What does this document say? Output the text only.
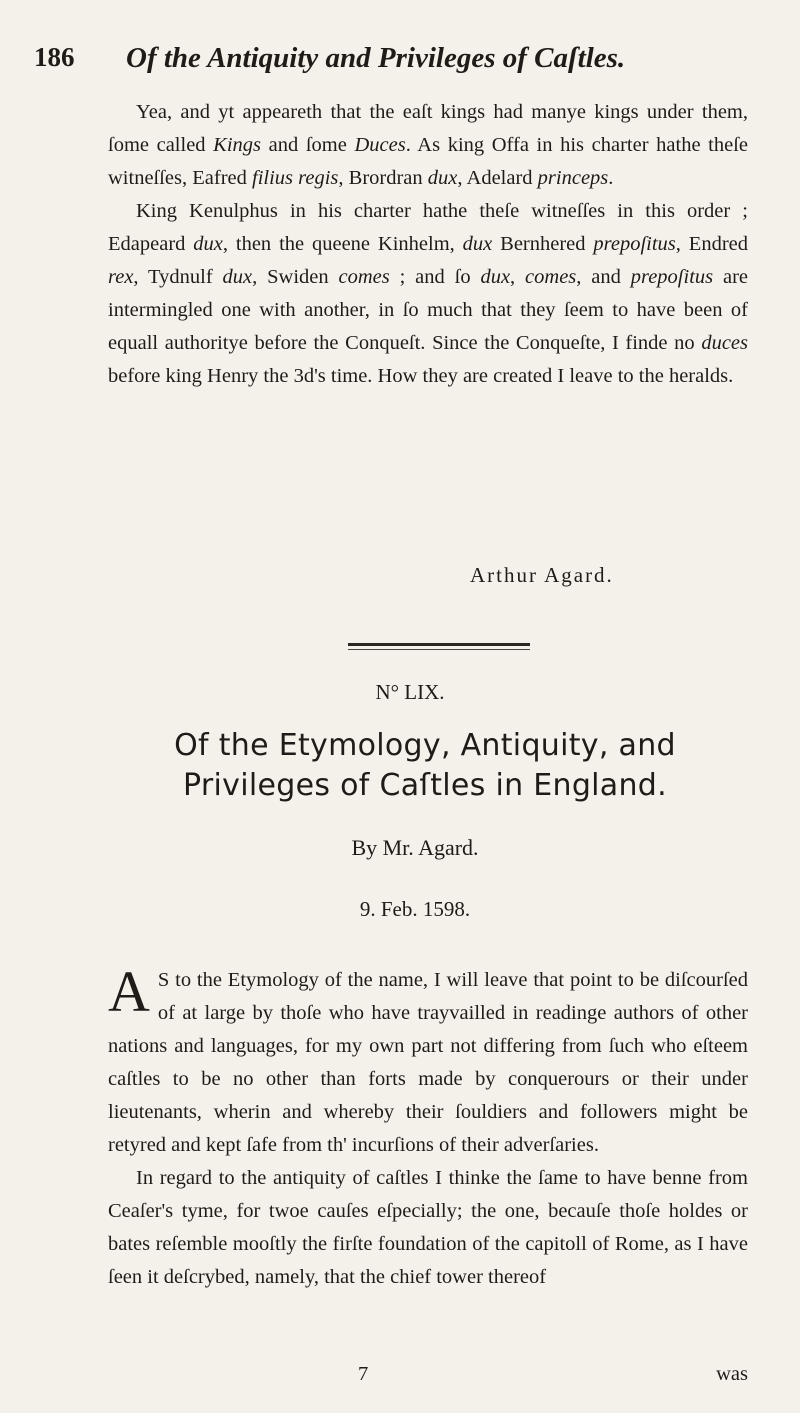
186 Of the Antiquity and Privileges of Caſtles.

Yea, and yt appeareth that the eaſt kings had manye kings under them, ſome called Kings and ſome Duces. As king Offa in his charter hathe theſe witneſſes, Eafred filius regis, Brordran dux, Adelard princeps.

King Kenulphus in his charter hathe theſe witneſſes in this order ; Edapeard dux, then the queene Kinhelm, dux Bernhered prepoſitus, Endred rex, Tydnulf dux, Swiden comes ; and ſo dux, comes, and prepoſitus are intermingled one with another, in ſo much that they ſeem to have been of equall authoritye before the Conqueſt. Since the Conqueſte, I finde no duces before king Henry the 3d's time. How they are created I leave to the heralds.

Arthur Agard.
N° LIX.
Of the Etymology, Antiquity, and Privileges of Caſtles in England.
By Mr. Agard.
9. Feb. 1598.

A S to the Etymology of the name, I will leave that point to be diſcourſed of at large by thoſe who have trayvailled in readinge authors of other nations and languages, for my own part not differing from ſuch who eſteem caſtles to be no other than forts made by conquerours or their under lieutenants, wherin and whereby their ſouldiers and followers might be retyred and kept ſafe from th' incurſions of their adverſaries.

In regard to the antiquity of caſtles I thinke the ſame to have benne from Ceaſer's tyme, for twoe cauſes eſpecially; the one, becauſe thoſe holdes or bates reſemble mooſtly the firſte foundation of the capitoll of Rome, as I have ſeen it deſcrybed, namely, that the chief tower thereof

7	was
